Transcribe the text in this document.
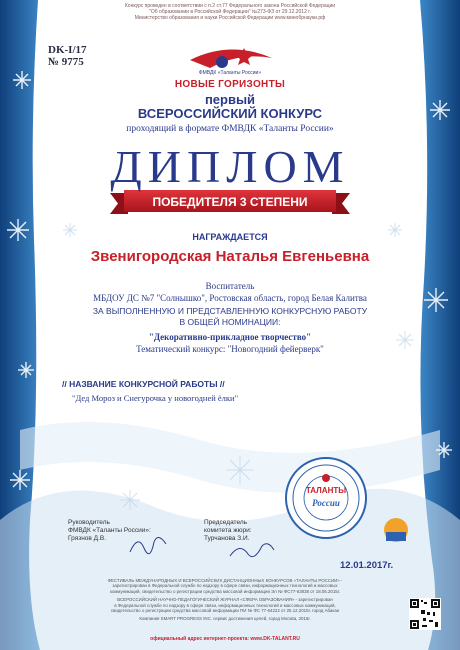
Конкурс проведен в соответствии с п.2 ст.77 Федерального закона Российской Федерации
"Об образовании в Российской Федерации" №273-ФЗ от 29.12.2012 г.
Министерство образования и науки Российской Федерации www.минобрнауки.рф
DK-I/17
№ 9775
ФМВДК «Таланты России»
НОВЫЕ ГОРИЗОНТЫ
первый
ВСЕРОССИЙСКИЙ КОНКУРС
проходящий в формате ФМВДК «Таланты России»
ДИПЛОМ
ПОБЕДИТЕЛЯ 3 СТЕПЕНИ
НАГРАЖДАЕТСЯ
Звенигородская Наталья Евгеньевна
Воспитатель
МБДОУ ДС №7 "Солнышко", Ростовская область, город Белая Калитва
ЗА ВЫПОЛНЕННУЮ И ПРЕДСТАВЛЕННУЮ КОНКУРСНУЮ РАБОТУ
В ОБЩЕЙ НОМИНАЦИИ:
"Декоративно-прикладное творчество"
Тематический конкурс: "Новогодний фейерверк"
// НАЗВАНИЕ КОНКУРСНОЙ РАБОТЫ //
"Дед Мороз и Снегурочка у новогодней ёлки"
ТАЛАНТЫ
России
Руководитель
ФМВДК «Таланты России»:
Грязнов Д.В.
Председатель
комитета жюри:
Турчанова З.И.
12.01.2017г.
ФЕСТИВАЛЬ МЕЖДУНАРОДНЫХ И ВСЕРОССИЙСКИХ ДИСТАНЦИОННЫХ КОНКУРСОВ «ТАЛАНТЫ РОССИИ» -
зарегистрирован в Федеральной службе по надзору в сфере связи, информационных технологий и массовых
коммуникаций, свидетельство о регистрации средства массовой информации Эл № ФС77-63838 от 18.05.2015г.
ВСЕРОССИЙСКИЙ НАУЧНО-ПЕДАГОГИЧЕСКИЙ ЖУРНАЛ «СФЕРА ОБРАЗОВАНИЯ» - зарегистрирован
в Федеральной службе по надзору в сфере связи, информационных технологий и массовых коммуникаций,
свидетельство о регистрации средства массовой информации ПИ № ФС 77-64222 от 25.12.2015г. город Абакан
Компания SMART PROGRESS INC. сервис достижения целей, город Москва, 2016г.
официальный адрес интернет-проекта: www.DK-TALANT.RU
